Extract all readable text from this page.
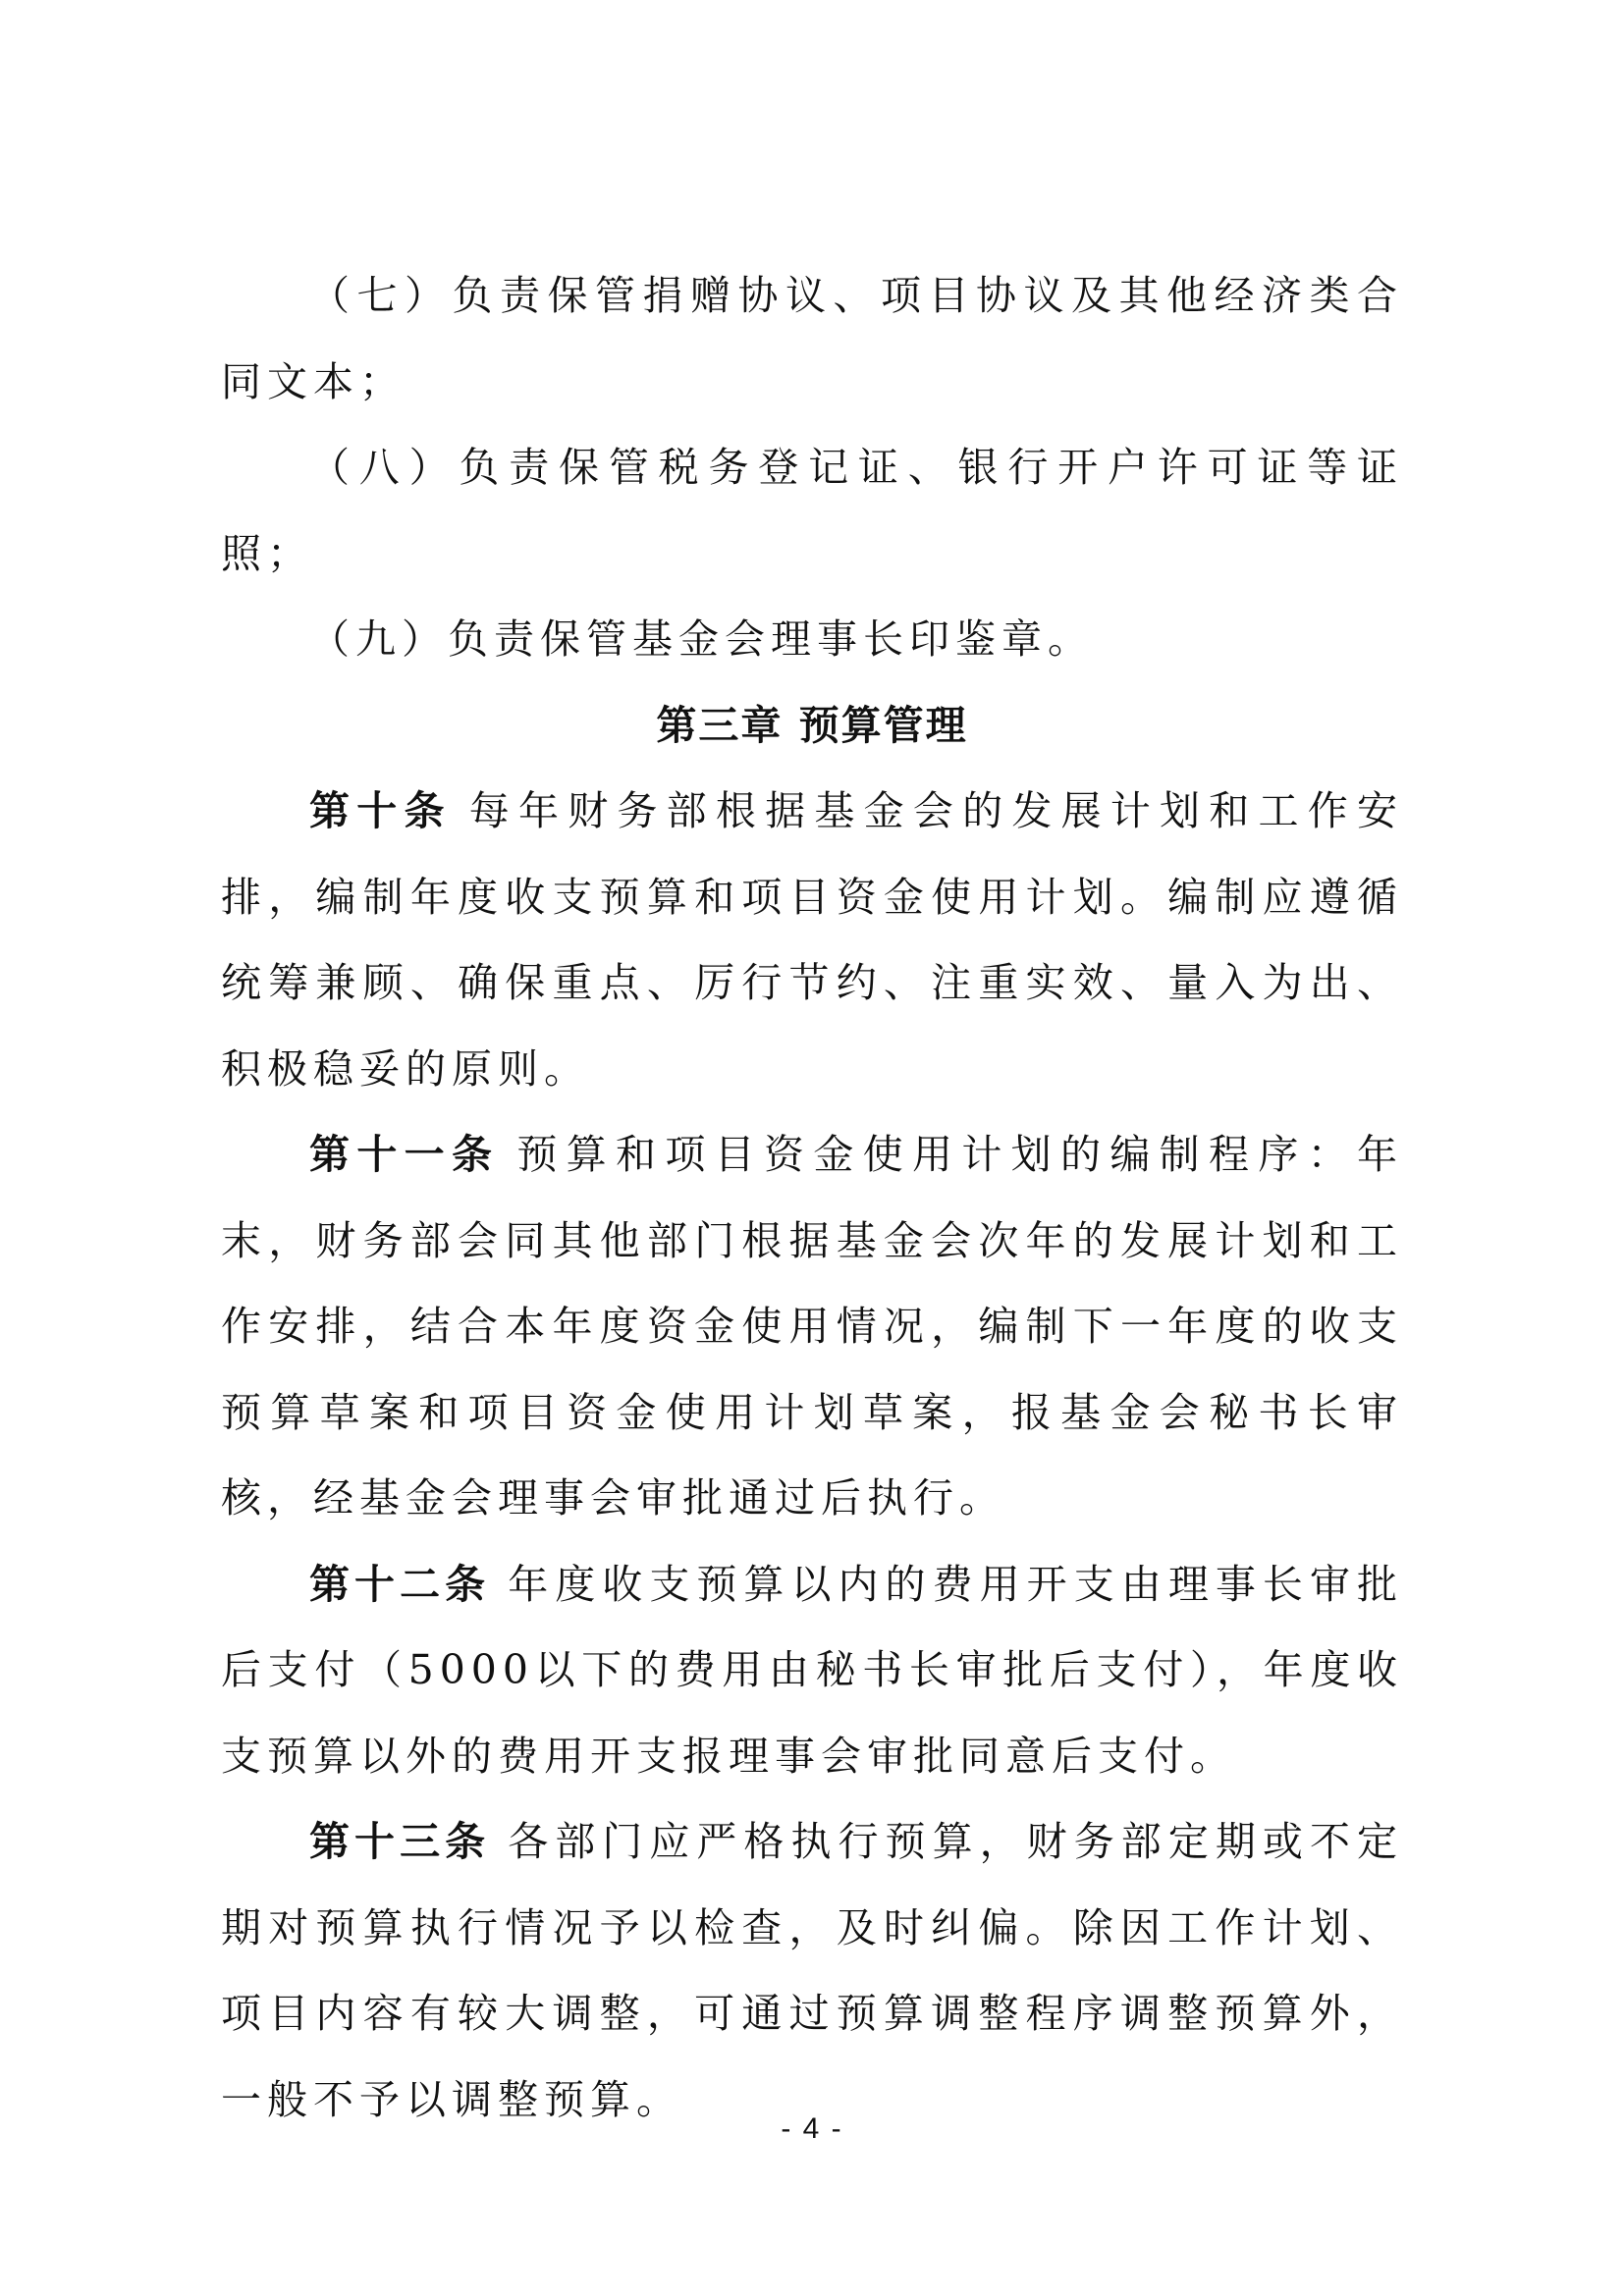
（七）负责保管捐赠协议、项目协议及其他经济类合同文本；

（八）负责保管税务登记证、银行开户许可证等证照；

（九）负责保管基金会理事长印鉴章。

第三章 预算管理

第十条 每年财务部根据基金会的发展计划和工作安排，编制年度收支预算和项目资金使用计划。编制应遵循统筹兼顾、确保重点、厉行节约、注重实效、量入为出、积极稳妥的原则。

第十一条 预算和项目资金使用计划的编制程序：年末，财务部会同其他部门根据基金会次年的发展计划和工作安排，结合本年度资金使用情况，编制下一年度的收支预算草案和项目资金使用计划草案，报基金会秘书长审核，经基金会理事会审批通过后执行。

第十二条 年度收支预算以内的费用开支由理事长审批后支付（5000以下的费用由秘书长审批后支付），年度收支预算以外的费用开支报理事会审批同意后支付。

第十三条 各部门应严格执行预算，财务部定期或不定期对预算执行情况予以检查，及时纠偏。除因工作计划、项目内容有较大调整，可通过预算调整程序调整预算外，一般不予以调整预算。

- 4 -
